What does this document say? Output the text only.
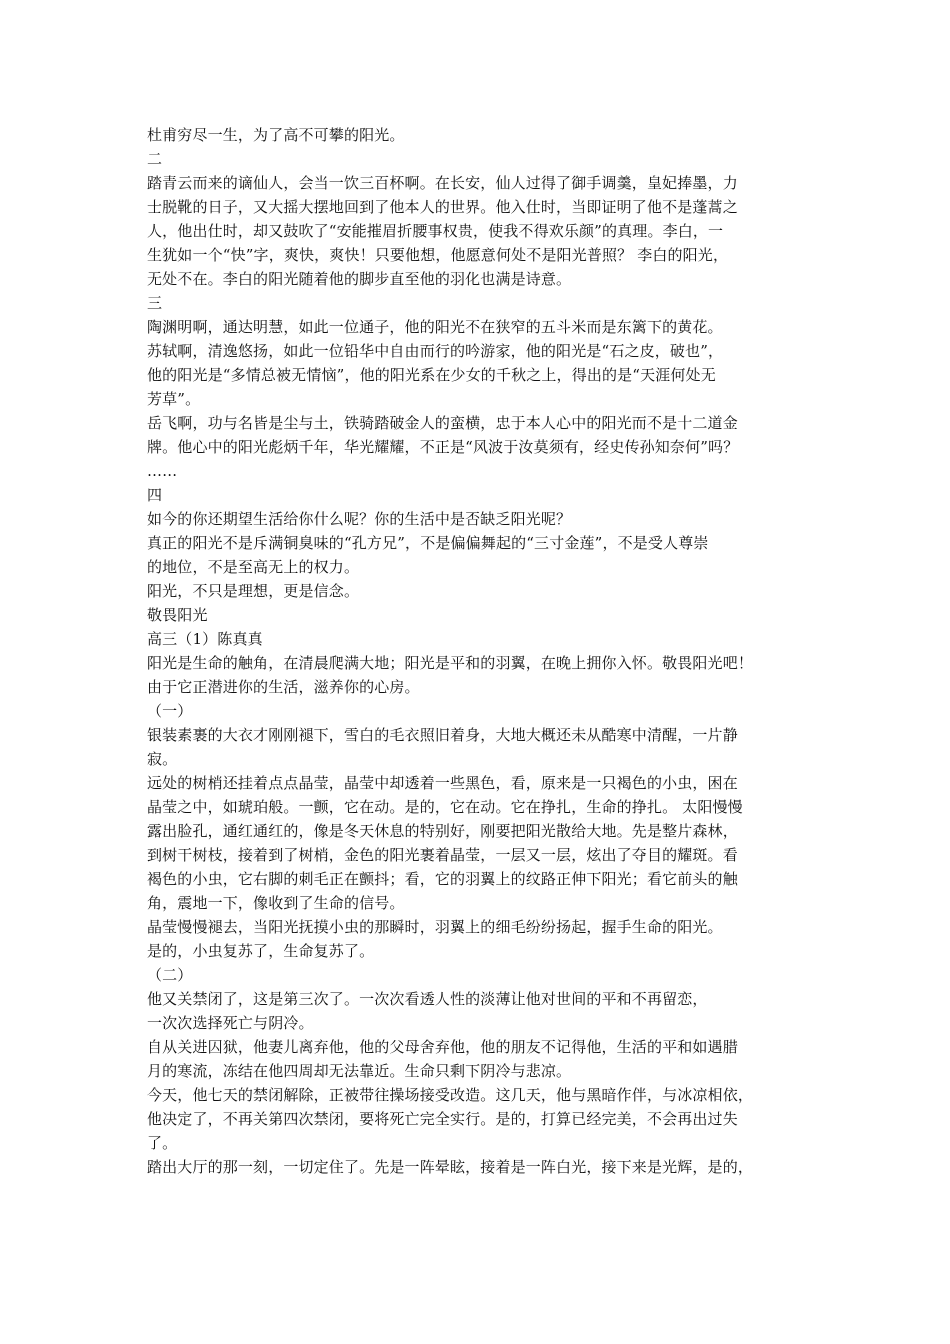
杜甫穷尽一生，为了高不可攀的阳光。
二
踏青云而来的谪仙人，会当一饮三百杯啊。在长安，仙人过得了御手调羹，皇妃捧墨，力
士脱靴的日子，又大摇大摆地回到了他本人的世界。他入仕时，当即证明了他不是蓬蒿之
人，他出仕时，却又鼓吹了“安能摧眉折腰事权贵，使我不得欢乐颜”的真理。李白，一
生犹如一个“快”字，爽快，爽快！只要他想，他愿意何处不是阳光普照？ 李白的阳光，
无处不在。李白的阳光随着他的脚步直至他的羽化也满是诗意。
三
陶渊明啊，通达明慧，如此一位通子，他的阳光不在狭窄的五斗米而是东篱下的黄花。
苏轼啊，清逸悠扬，如此一位铅华中自由而行的吟游家，他的阳光是“石之皮，破也”，
他的阳光是“多情总被无情恼”，他的阳光系在少女的千秋之上，得出的是“天涯何处无
芳草”。
岳飞啊，功与名皆是尘与土，铁骑踏破金人的蛮横，忠于本人心中的阳光而不是十二道金
牌。他心中的阳光彪炳千年，华光耀耀，不正是“风波于汝莫须有，经史传孙知奈何”吗？
……
四
如今的你还期望生活给你什么呢？你的生活中是否缺乏阳光呢？
真正的阳光不是斥满铜臭味的“孔方兄”，不是偏偏舞起的“三寸金莲”，不是受人尊崇
的地位，不是至高无上的权力。
阳光，不只是理想，更是信念。
敬畏阳光
高三（1）陈真真
阳光是生命的触角，在清晨爬满大地；阳光是平和的羽翼，在晚上拥你入怀。敬畏阳光吧！
由于它正潜进你的生活，滋养你的心房。
（一）
银装素裹的大衣才刚刚褪下，雪白的毛衣照旧着身，大地大概还未从酷寒中清醒，一片静
寂。
远处的树梢还挂着点点晶莹，晶莹中却透着一些黑色，看，原来是一只褐色的小虫，困在
晶莹之中，如琥珀般。一颤，它在动。是的，它在动。它在挣扎，生命的挣扎。 太阳慢慢
露出脸孔，通红通红的，像是冬天休息的特别好，刚要把阳光散给大地。先是整片森林，
到树干树枝，接着到了树梢，金色的阳光裹着晶莹，一层又一层，炫出了夺目的耀斑。看
褐色的小虫，它右脚的刺毛正在颤抖；看，它的羽翼上的纹路正伸下阳光；看它前头的触
角，震地一下，像收到了生命的信号。
晶莹慢慢褪去，当阳光抚摸小虫的那瞬时，羽翼上的细毛纷纷扬起，握手生命的阳光。
是的，小虫复苏了，生命复苏了。
（二）
他又关禁闭了，这是第三次了。一次次看透人性的淡薄让他对世间的平和不再留恋，
一次次选择死亡与阴冷。
自从关进囚狱，他妻儿离弃他，他的父母舍弃他，他的朋友不记得他，生活的平和如遇腊
月的寒流，冻结在他四周却无法靠近。生命只剩下阴冷与悲凉。
今天，他七天的禁闭解除，正被带往操场接受改造。这几天，他与黑暗作伴，与冰凉相依，
他决定了，不再关第四次禁闭，要将死亡完全实行。是的，打算已经完美，不会再出过失
了。
踏出大厅的那一刻，一切定住了。先是一阵晕眩，接着是一阵白光，接下来是光辉，是的，
